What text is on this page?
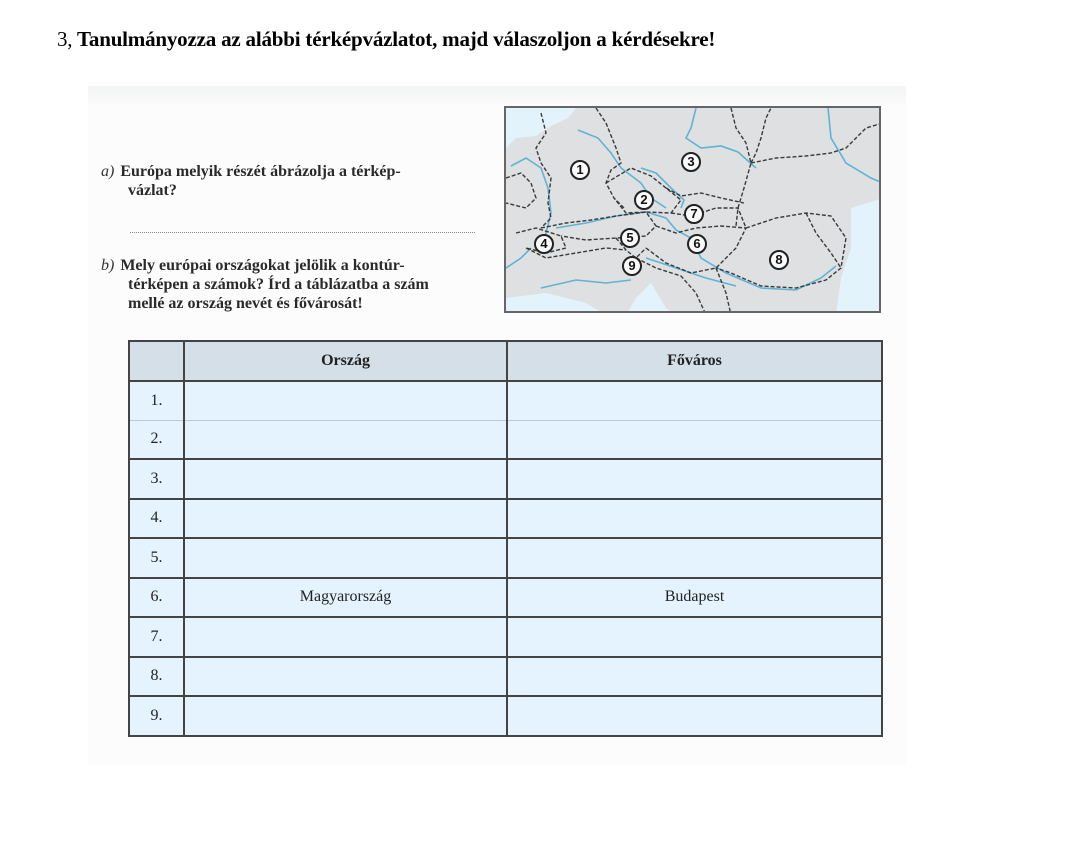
3, Tanulmányozza az alábbi térképvázlatot, majd válaszoljon a kérdésekre!
a) Európa melyik részét ábrázolja a térkép-
vázlat?
b) Mely európai országokat jelölik a kontúr-
térképen a számok? Írd a táblázatba a szám
mellé az ország nevét és fővárosát!
1
2
3
4	5	6
7
8
9
	Ország	Főváros
1.		
2.		
3.		
4.		
5.		
6.	Magyarország	Budapest
7.		
8.		
9.		
